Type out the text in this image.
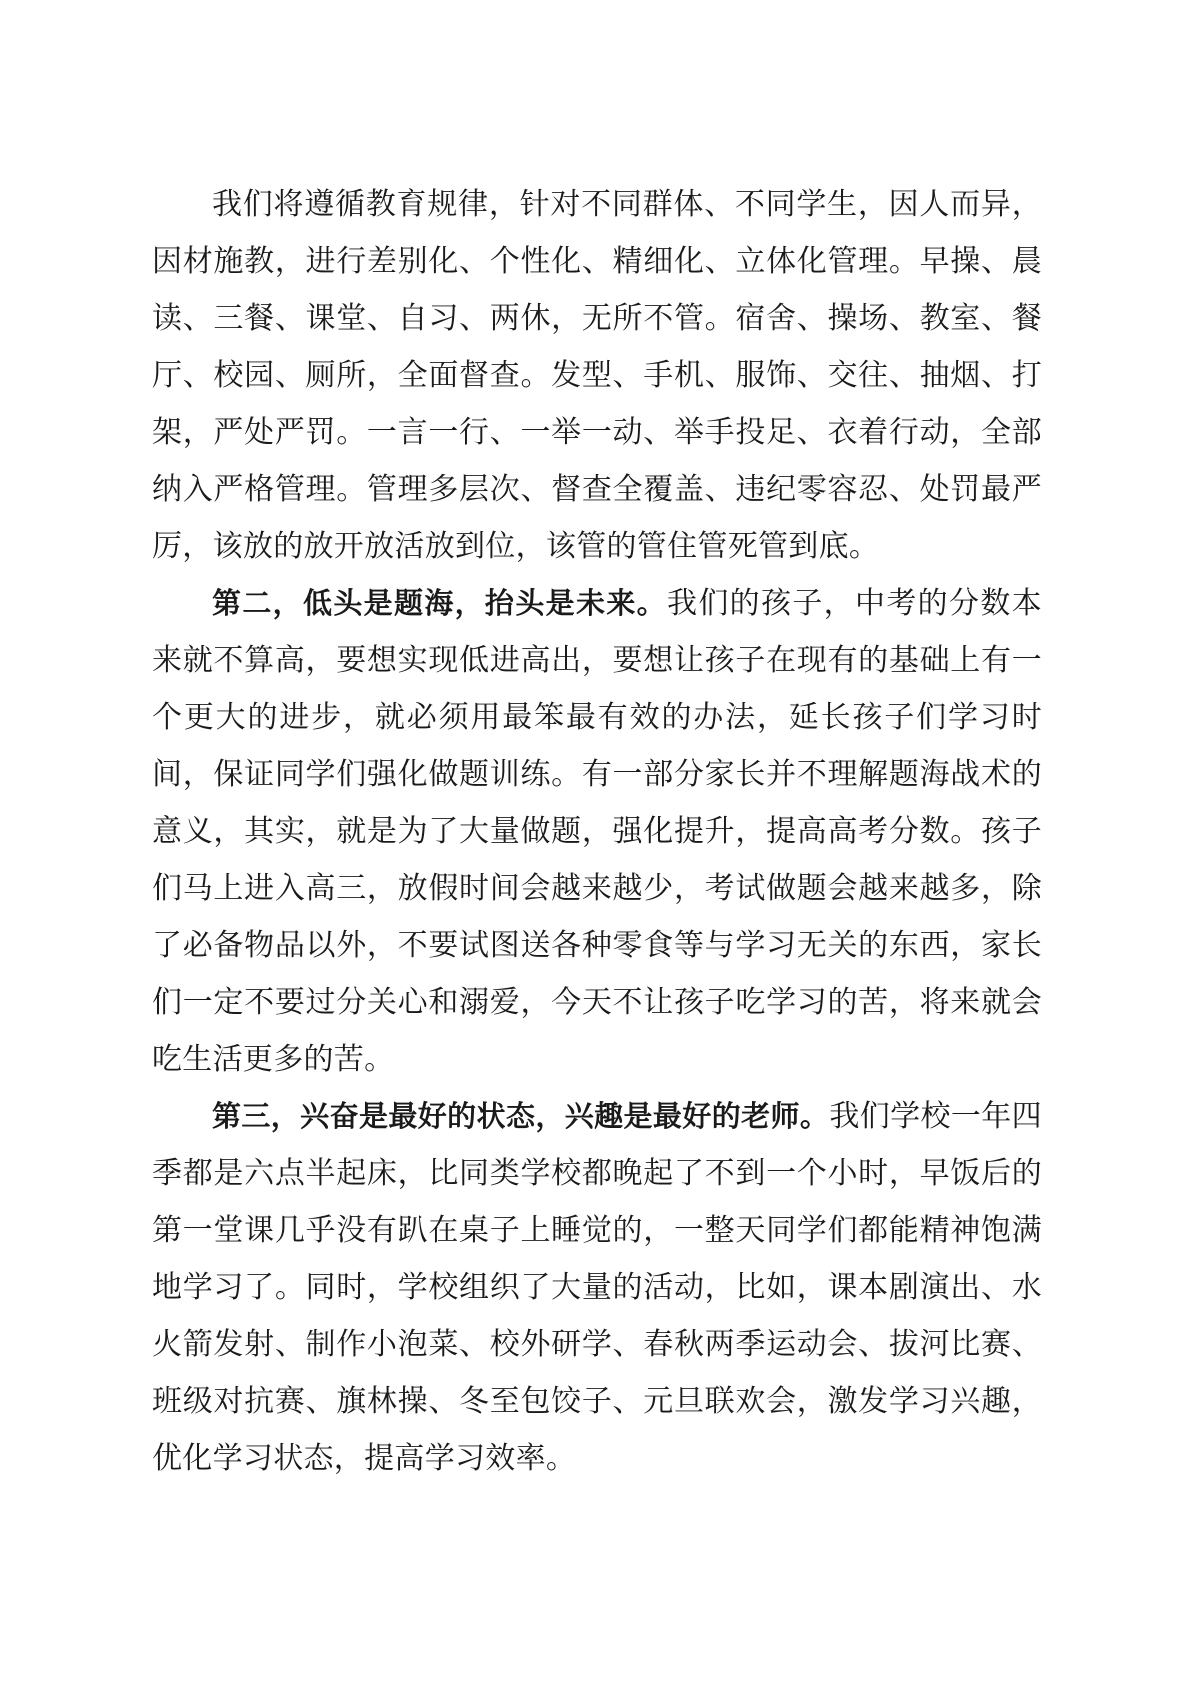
我们将遵循教育规律，针对不同群体、不同学生，因人而异，因材施教，进行差别化、个性化、精细化、立体化管理。早操、晨读、三餐、课堂、自习、两休，无所不管。宿舍、操场、教室、餐厅、校园、厕所，全面督查。发型、手机、服饰、交往、抽烟、打架，严处严罚。一言一行、一举一动、举手投足、衣着行动，全部纳入严格管理。管理多层次、督查全覆盖、违纪零容忍、处罚最严厉，该放的放开放活放到位，该管的管住管死管到底。

第二，低头是题海，抬头是未来。我们的孩子，中考的分数本来就不算高，要想实现低进高出，要想让孩子在现有的基础上有一个更大的进步，就必须用最笨最有效的办法，延长孩子们学习时间，保证同学们强化做题训练。有一部分家长并不理解题海战术的意义，其实，就是为了大量做题，强化提升，提高高考分数。孩子们马上进入高三，放假时间会越来越少，考试做题会越来越多，除了必备物品以外，不要试图送各种零食等与学习无关的东西，家长们一定不要过分关心和溺爱，今天不让孩子吃学习的苦，将来就会吃生活更多的苦。

第三，兴奋是最好的状态，兴趣是最好的老师。我们学校一年四季都是六点半起床，比同类学校都晚起了不到一个小时，早饭后的第一堂课几乎没有趴在桌子上睡觉的，一整天同学们都能精神饱满地学习了。同时，学校组织了大量的活动，比如，课本剧演出、水火箭发射、制作小泡菜、校外研学、春秋两季运动会、拔河比赛、班级对抗赛、旗林操、冬至包饺子、元旦联欢会，激发学习兴趣，优化学习状态，提高学习效率。
